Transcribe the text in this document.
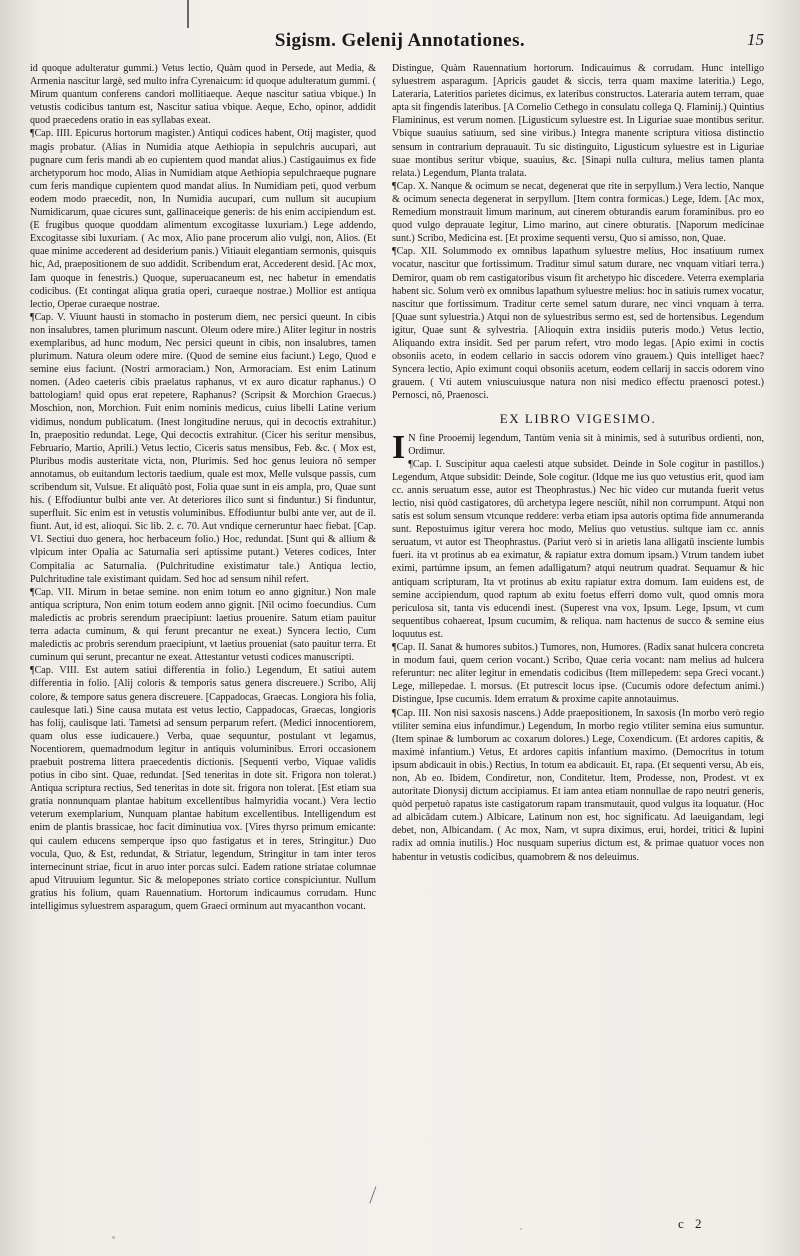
Sigism. Gelenij Annotationes.	15

id quoque adulteratur gummi.) Vetus lectio, Quàm quod in Persede, aut Media, & Armenia nascitur largè, sed multo infra Cyrenaicum: id quoque adulteratum gummi. ( Mirum quantum conferens candori mollitiaeque. Aeque nascitur satiua vbique.) In vetustis codicibus tantum est, Nascitur satiua vbique. Aeque, Echo, opinor, addidit quod praecedens oratio in eas syllabas exeat.

¶ Cap. IIII. Epicurus hortorum magister.) Antiqui codices habent, Otij magister, quod magis probatur. (Alias in Numidia atque Aethiopia in sepulchris aucupari, aut pugnare cum feris mandi ab eo cupientem quod mandat alius.) Castigauimus ex fide archetyporum hoc modo, Alias in Numidiam atque Aethiopia sepulchraeque pugnare cum feris mandique cupientem quod mandat alius. In Numidiam peti, quod verbum eodem modo praecedit, non, In Numidia aucupari, cum nullum sit aucupium Numidicarum, quae cicures sunt, gallinaceique generis: de his enim accipiendum est. (E frugibus quoque quoddam alimentum excogitasse luxuriam.) Lege addendo, Excogitasse sibi luxuriam. ( Ac mox, Alio pane procerum alio vulgi, non, Alios. (Et quae minime accederent ad desiderium panis.) Vitiauit elegantiam sermonis, quisquis hic, Ad, praepositionem de suo addidit. Scribendum erat, Accederent desid. [Ac mox, Iam quoque in fenestris.) Quoque, superuacaneum est, nec habetur in emendatis codicibus. (Et contingat aliqua gratia operi, curaeque nostrae.) Mollior est antiqua lectio, Operae curaeque nostrae.

¶ Cap. V. Viuunt hausti in stomacho in posterum diem, nec persici queunt. In cibis non insalubres, tamen plurimum nascunt. Oleum odere mire.) Aliter legitur in nostris exemplaribus, ad hunc modum, Nec persici queunt in cibis, non insalubres, tamen plurimum. Natura oleum odere mire. (Quod de semine eius faciunt.) Lego, Quod e semine eius faciunt. (Nostri armoraciam.) Non, Armoraciam. Est enim Latinum nomen. (Adeo caeteris cibis praelatus raphanus, vt ex auro dicatur raphanus.) O battologiam! quid opus erat repetere, Raphanus? (Scripsit & Morchion Graecus.) Moschion, non, Morchion. Fuit enim nominis medicus, cuius libelli Latine verium vidimus, nondum publicatum. (Inest longitudine neruus, qui in decoctis extrahitur.) In, praepositio redundat. Lege, Qui decoctis extrahitur. (Cicer his seritur mensibus, Februario, Martio, Aprili.) Vetus lectio, Ciceris satus mensibus, Feb. &c. ( Mox est, Pluribus modis austeritate victa, non, Plurimis. Sed hoc genus leuiora nõ semper annotamus, ob euitandum lectoris taedium, quale est mox, Melle vulsque passis, cum scribendum sit, Vulsue. Et aliquãtò post, Folia quae sunt in eis ampla, pro, Quae sunt his. ( Effodiuntur bulbi ante ver. At deteriores ilico sunt si finduntur.) Si finduntur, superfluit. Sic enim est in vetustis voluminibus. Effodiuntur bulbi ante ver, aut de il. fiunt. Aut, id est, alioqui. Sic lib. 2. c. 70. Aut vndique cerneruntur haec fiebat. [Cap. VI. Sectiui duo genera, hoc herbaceum folio.) Hoc, redundat. [Sunt qui & allium & vlpicum inter Opalia ac Saturnalia seri aptissime putant.) Veteres codices, Inter Compitalia ac Saturnalia. (Pulchritudine existimatur tale.) Antiqua lectio, Pulchritudine tale existimant quidam. Sed hoc ad sensum nihil refert.

¶ Cap. VII. Mirum in betae semine. non enim totum eo anno gignitur.) Non male antiqua scriptura, Non enim totum eodem anno gignit. [Nil ocimo foecundius. Cum maledictis ac probris serendum praecipiunt: laetius prouenire. Satum etiam pauitur terra adacta cuminum, & qui ferunt precantur ne exeat.) Syncera lectio, Cum maledictis ac probris serendum praecipiunt, vt laetius proueniat (sato pauitur terra. Et cuminum qui serunt, precantur ne exeat. Attestantur vetusti codices manuscripti.

¶ Cap. VIII. Est autem satiui differentia in folio.) Legendum, Et satiui autem differentia in folio. [Alij coloris & temporis satus genera discreuere.) Scribo, Alij colore, & tempore satus genera discreuere. [Cappadocas, Graecas. Longiora his folia, caulesque lati.) Sine causa mutata est vetus lectio, Cappadocas, Graecas, longioris has folij, caulisque lati. Tametsi ad sensum perparum refert. (Medici innocentiorem, quam olus esse iudicauere.) Verba, quae sequuntur, postulant vt legamus, Nocentiorem, quemadmodum legitur in antiquis voluminibus. Errori occasionem praebuit postrema littera praecedentis dictionis. [Sequenti verbo, Viquae validis potius in cibo sint. Quae, redundat. [Sed teneritas in dote sit. Frigora non tolerat.) Antiqua scriptura rectius, Sed teneritas in dote sit. frigora non tolerat. [Est etiam sua gratia nonnunquam plantae habitum excellentibus halmyridia vocant.) Vera lectio veterum exemplarium, Nunquam plantae habitum excellentibus. Intelligendum est enim de plantis brassicae, hoc facit diminutiua vox. [Vires thyrso primum emicante: qui caulem educens semperque ipso quo fastigatus et in teres, Stringitur.) Duo vocula, Quo, & Est, redundat, & Striatur, legendum, Stringitur in tam inter teros internecinunt striae, ficut in aruo inter porcas sulci. Eadem ratione striatae columnae apud Vitruuium leguntur. Sic & melopepones striato cortice conspiciuntur. Nullum gratius his folium, quam Rauennatium. Hortorum indicaumus corrudam. Hunc intelligimus syluestrem asparagum, quem Graeci orminum aut myacanthon vocant.

Distingue, Quàm Rauennatium hortorum. Indicauimus & corrudam. Hunc intelligo syluestrem asparagum. [Apricis gaudet & siccis, terra quam maxime lateritia.) Lego, Lateraria, Lateritios parietes dicimus, ex lateribus constructos. Lateraria autem terram, quae apta sit fingendis lateribus. [A Cornelio Cethego in consulatu collega Q. Flaminij.) Quintius Flamininus, est verum nomen. [Ligusticum syluestre est. In Liguriae suae montibus seritur. Vbique suauius satiuum, sed sine viribus.) Integra manente scriptura vitiosa distinctio sensum in contrarium deprauauit. Tu sic distinguito, Ligusticum syluestre est in Liguriae suae montibus seritur vbique, suauius, &c. [Sinapi nulla cultura, melius tamen planta relata.) Legendum, Planta tralata.

¶ Cap. X. Nanque & ocimum se necat, degenerat que rite in serpyllum.) Vera lectio, Nanque & ocimum senecta degenerat in serpyllum. [Item contra formicas.) Lege, Idem. [Ac mox, Remedium monstrauit limum marinum, aut cinerem obturandis earum foraminibus. pro eo quod vulgo deprauate legitur, Limo marino, aut cinere obturatis. [Naporum medicinae sunt.) Scribo, Medicina est. [Et proxime sequenti versu, Quo si amisso, non, Quae.

¶ Cap. XII. Solummodo ex omnibus lapathum syluestre melius, Hoc insatiuum rumex vocatur, nascitur que fortissimum. Traditur simul satum durare, nec vnquam vitiari terra.) Demiror, quam ob rem castigatoribus visum fit archetypo hic discedere. Veterra exemplaria habent sic. Solum verò ex omnibus lapathum syluestre melius: hoc in satiuis rumex vocatur, nascitur que fortissimum. Traditur certe semel satum durare, nec vinci vnquam à terra. [Quae sunt syluestria.) Atqui non de syluestribus sermo est, sed de hortensibus. Legendum igitur, Quae sunt & sylvestria. [Alioquin extra insidiis puteris modo.) Vetus lectio, Aliquando extra insidit. Sed per parum refert, vtro modo legas. [Apio eximi in coctis obsoniis aceto, in eodem cellario in saccis odorem vino grauem.) Quis intelliget haec? Syncera lectio, Apio eximunt coqui obsoniis acetum, eodem cellarij in saccis odorem vino grauem. ( Vti autem vniuscuiusque natura non nisi medico effectu praenosci potest.) Pernosci, nõ, Praenosci.

EX LIBRO VIGESIMO.

I N fine Prooemij legendum, Tantùm venia sit à minimis, sed à suturibus ordienti, non, Ordimur.

¶ Cap. I. Suscipitur aqua caelesti atque subsidet. Deinde in Sole cogitur in pastillos.) Legendum, Atque subsidit: Deinde, Sole cogitur. (Idque me ius quo vetustius erit, quod iam cc. annis seruatum esse, autor est Theophrastus.) Nec hic video cur mutanda fuerit vetus lectio, nisi quòd castigatores, dū archetypa legere nesciũt, nihil non corrumpunt. Atqui non satis est solum sensum vtcunque reddere: verba etiam ipsa autoris optima fide annumeranda sunt. Repostuimus igitur verera hoc modo, Melius quo vetustius. sultque iam cc. annis seruatum, vt autor est Theophrastus. (Pariut verò si in arietis lana alligatū insciente lumbis fueri. ita vt protinus ab ea eximatur, & rapiatur extra domum ipsam.) Vtrum tandem iubet eximi, partúmne ipsum, an femen adalligatum? atqui neutrum quadrat. Sequamur & hic antiquam scripturam, Ita vt protinus ab exitu rapiatur extra domum. Iam euidens est, de semine accipiendum, quod raptum ab exitu foetus efferri domo vult, quod omnis mora periculosa sit, tanta vis educendi inest. (Superest vna vox, Ipsum. Lege, Ipsum, vt cum sequentibus cohaereat, Ipsum cucumim, & reliqua. nam hactenus de succo & semine eius loquutus est.

¶ Cap. II. Sanat & humores subitos.) Tumores, non, Humores. (Radix sanat hulcera concreta in modum faui, quem cerion vocant.) Scribo, Quae ceria vocant: nam melius ad hulcera referuntur: nec aliter legitur in emendatis codicibus (Item millepedem: sepa Greci vocant.) Lege, millepedae. I. morsus. (Et putrescit locus ipse. (Cucumis odore defectum animi.) Distingue, Ipse cucumis. Idem erratum & proxime capite annotauimus.

¶ Cap. III. Non nisi saxosis nascens.) Adde praepositionem, In saxosis (In morbo verò regio vtiliter semina eius infundimur.) Legendum, In morbo regio vtiliter semina eius sumuntur. (Item spinae & lumborum ac coxarum dolores.) Lege, Coxendicum. (Et ardores capitis, & maximè infantium.) Vetus, Et ardores capitis infantium maximo. (Democritus in totum ipsum abdicauit in obis.) Rectius, In totum ea abdicauit. Et, rapa. (Et sequenti versu, Ab eis, non, Ab eo. Ibidem, Condiretur, non, Conditetur. Item, Prodesse, non, Prodest. vt ex autoritate Dionysij dictum accipiamus. Et iam antea etiam nonnullae de rapo neutri generis, quòd perpetuò rapatus iste castigatorum rapam transmutauit, quod vulgus ita loquatur. (Hoc ad albicādam cutem.) Albicare, Latinum non est, hoc significatu. Ad laeuigandam, legi debet, non, Albicandam. ( Ac mox, Nam, vt supra diximus, erui, hordei, tritici & lupini radix ad omnia inutilis.) Hoc nusquam superius dictum est, & primae quatuor voces non habentur in vetustis codicibus, quamobrem & nos deleuimus.

c 2
